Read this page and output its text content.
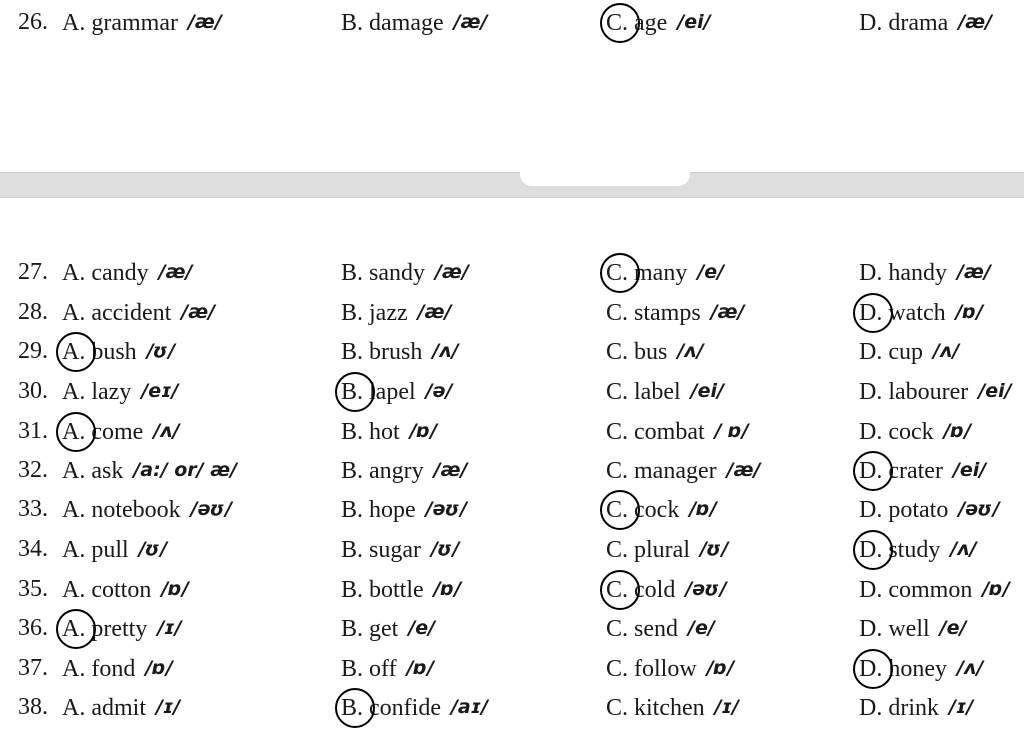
26. A. grammar /æ/	B. damage /æ/	C. age /ei/	D. drama /æ/
27. A. candy /æ/	B. sandy /æ/	C. many /e/	D. handy /æ/
28. A. accident /æ/	B. jazz /æ/	C. stamps /æ/	D. watch /ɒ/
29. A. bush /ʊ/	B. brush /ʌ/	C. bus /ʌ/	D. cup /ʌ/
30. A. lazy /eɪ/	B. lapel /ə/	C. label /ei/	D. labourer /ei/
31. A. come /ʌ/	B. hot /ɒ/	C. combat / ɒ/	D. cock /ɒ/
32. A. ask /a:/ or/ æ/	B. angry /æ/	C. manager /æ/	D. crater /ei/
33. A. notebook /əʊ/	B. hope /əʊ/	C. cock /ɒ/	D. potato /əʊ/
34. A. pull /ʊ/	B. sugar /ʊ/	C. plural /ʊ/	D. study /ʌ/
35. A. cotton /ɒ/	B. bottle /ɒ/	C. cold /əʊ/	D. common /ɒ/
36. A. pretty /ɪ/	B. get /e/	C. send /e/	D. well /e/
37. A. fond /ɒ/	B. off /ɒ/	C. follow /ɒ/	D. honey /ʌ/
38. A. admit /ɪ/	B. confide /aɪ/	C. kitchen /ɪ/	D. drink /ɪ/
